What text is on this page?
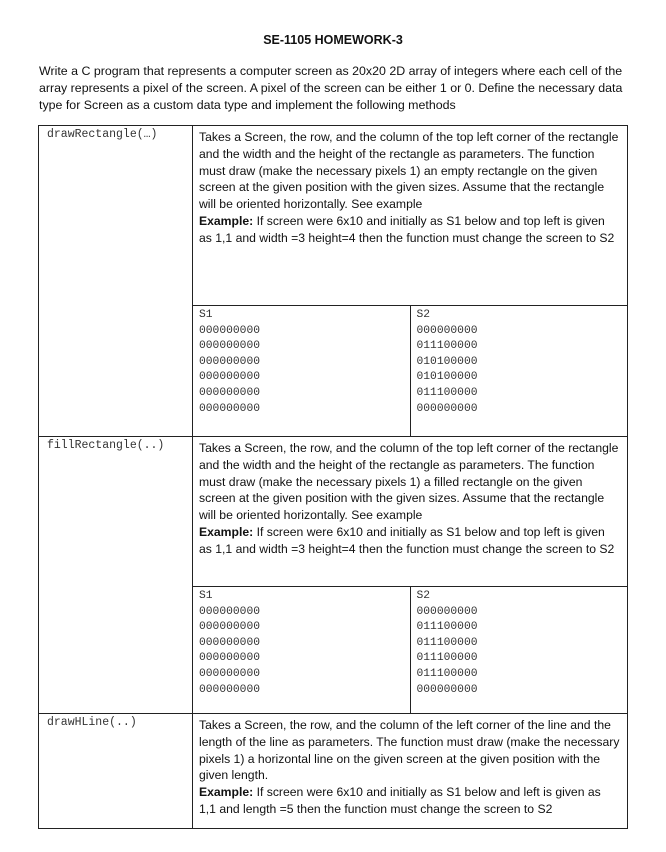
SE-1105 HOMEWORK-3
Write a C program that represents a computer screen as 20x20 2D array of integers where each cell of the array represents a pixel of the screen. A pixel of the screen can be either 1 or 0. Define the necessary data type for Screen as a custom data type and implement the following methods
drawRectangle(…)	Takes a Screen, the row, and the column of the top left corner of the rectangle and the width and the height of the rectangle as parameters. The function must draw (make the necessary pixels 1) an empty rectangle on the given screen at the given position with the given sizes. Assume that the rectangle will be oriented horizontally. See example
Example: If screen were 6x10 and initially as S1 below and top left is given as 1,1 and width =3 height=4 then the function must change the screen to S2
S1
000000000
000000000
000000000
000000000
000000000
000000000

S2
000000000
011100000
010100000
010100000
011100000
000000000

fillRectangle(..)	Takes a Screen, the row, and the column of the top left corner of the rectangle and the width and the height of the rectangle as parameters. The function must draw (make the necessary pixels 1) a filled rectangle on the given screen at the given position with the given sizes. Assume that the rectangle will be oriented horizontally. See example
Example: If screen were 6x10 and initially as S1 below and top left is given as 1,1 and width =3 height=4 then the function must change the screen to S2
S1
000000000
000000000
000000000
000000000
000000000
000000000

S2
000000000
011100000
011100000
011100000
011100000
000000000

drawHLine(..)	Takes a Screen, the row, and the column of the left corner of the line and the length of the line as parameters. The function must draw (make the necessary pixels 1) a horizontal line on the given screen at the given position with the given length.
Example: If screen were 6x10 and initially as S1 below and left is given as 1,1 and length =5 then the function must change the screen to S2
